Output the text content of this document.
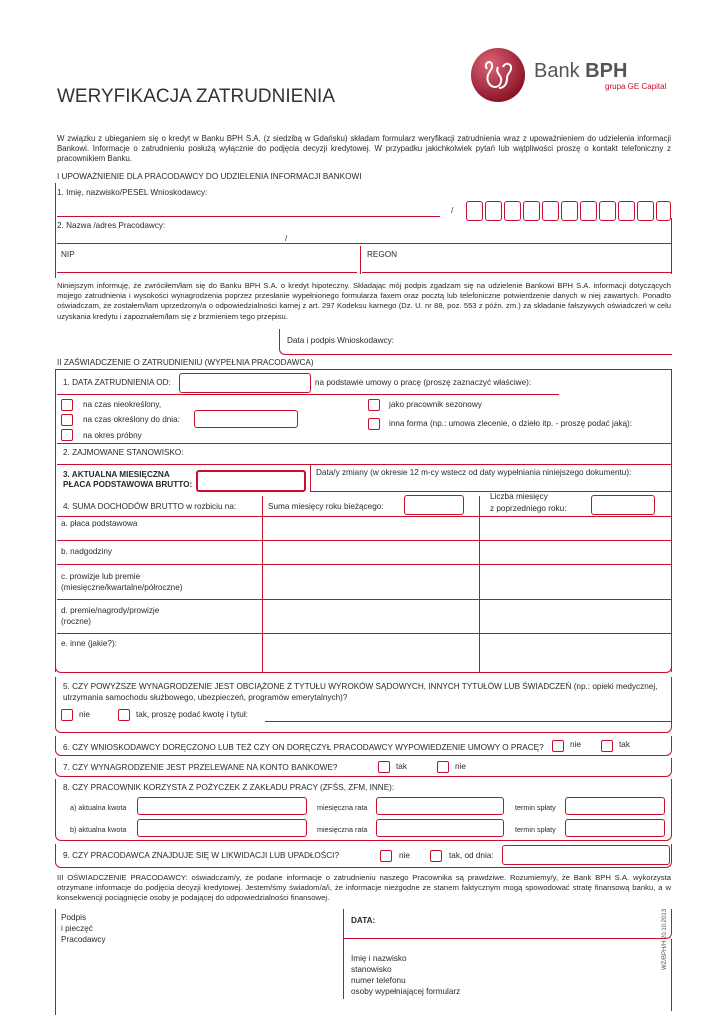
WERYFIKACJA ZATRUDNIENIA
Bank BPH
grupa GE Capital
W związku z ubieganiem się o kredyt w Banku BPH S.A. (z siedzibą w Gdańsku) składam formularz weryfikacji zatrudnienia wraz z upoważnieniem do udzielenia informacji Bankowi. Informacje o zatrudnieniu posłużą wyłącznie do podjęcia decyzji kredytowej. W przypadku jakichkolwiek pytań lub wątpliwości proszę o kontakt telefoniczny z pracownikiem Banku.
I UPOWAŻNIENIE DLA PRACODAWCY DO UDZIELENIA INFORMACJI BANKOWI
1. Imię, nazwisko/PESEL Wnioskodawcy:
/
2. Nazwa /adres Pracodawcy:
/
NIP	REGON
Niniejszym informuję, że zwróciłem/łam się do Banku BPH S.A. o kredyt hipoteczny. Składając mój podpis zgadzam się na udzielenie Bankowi BPH S.A. informacji dotyczących mojego zatrudnienia i wysokości wynagrodzenia poprzez przesłanie wypełnionego formularza faxem oraz pocztą lub telefoniczne potwierdzenie danych w niej zawartych. Ponadto oświadczam, że zostałem/łam uprzedzony/a o odpowiedzialności karnej z art. 297 Kodeksu karnego (Dz. U. nr 88, poz. 553 z późn. zm.) za składanie fałszywych oświadczeń w celu uzyskania kredytu i zapoznałem/łam się z brzmieniem tego przepisu.
Data i podpis Wnioskodawcy:
II ZAŚWIADCZENIE O ZATRUDNIENIU (WYPEŁNIA PRACODAWCA)
1. DATA ZATRUDNIENIA OD:	na podstawie umowy o pracę (proszę zaznaczyć właściwe):
na czas nieokreślony,
na czas określony do dnia:
na okres próbny
jako pracownik sezonowy
inna forma (np.: umowa zlecenie, o dzieło itp. - proszę podać jaką):
2. ZAJMOWANE STANOWISKO:
3. AKTUALNA MIESIĘCZNA
PŁACA PODSTAWOWA BRUTTO:
Data/y zmiany (w okresie 12 m-cy wstecz od daty wypełniania niniejszego dokumentu):
4. SUMA DOCHODÓW BRUTTO w rozbiciu na:	Suma miesięcy roku bieżącego:
Liczba miesięcy
z poprzedniego roku:
a. płaca podstawowa
b. nadgodziny
c. prowizje lub premie
(miesięczne/kwartalne/półroczne)
d. premie/nagrody/prowizje
(roczne)
e. inne (jakie?):
5. CZY POWYŻSZE WYNAGRODZENIE JEST OBCIĄŻONE Z TYTUŁU WYROKÓW SĄDOWYCH, INNYCH TYTUŁÓW LUB ŚWIADCZEŃ (np.: opieki medycznej,
utrzymania samochodu służbowego, ubezpieczeń, programów emerytalnych)?
nie	tak, proszę podać kwotę i tytuł:
6. CZY WNIOSKODAWCY DORĘCZONO LUB TEŻ CZY ON DORĘCZYŁ PRACODAWCY WYPOWIEDZENIE UMOWY O PRACĘ?	nie	tak
7. CZY WYNAGRODZENIE JEST PRZELEWANE NA KONTO BANKOWE?	tak	nie
8. CZY PRACOWNIK KORZYSTA Z POŻYCZEK Z ZAKŁADU PRACY (ZFŚS, ZFM, INNE):
a) aktualna kwota	miesięczna rata	termin spłaty
b) aktualna kwota	miesięczna rata	termin spłaty
9. CZY PRACODAWCA ZNAJDUJE SIĘ W LIKWIDACJI LUB UPADŁOŚCI?	nie	tak, od dnia:
III OŚWIADCZENIE PRACODAWCY: oświadczam/y, że podane informacje o zatrudnieniu naszego Pracownika są prawdziwe. Rozumiemy/y, że Bank BPH S.A. wykorzysta otrzymane informacje do podjęcia decyzji kredytowej. Jestem/śmy świadom/a/i, że informacje niezgodne ze stanem faktycznym mogą spowodować stratę finansową banku, a w konsekwencji pociągnięcie osoby je podającej do odpowiedzialności finansowej.
Podpis
i pieczęć
Pracodawcy
DATA:
Imię i nazwisko
stanowisko
numer telefonu
osoby wypełniającej formularz
WZ/BPH/H 20.10.2013
